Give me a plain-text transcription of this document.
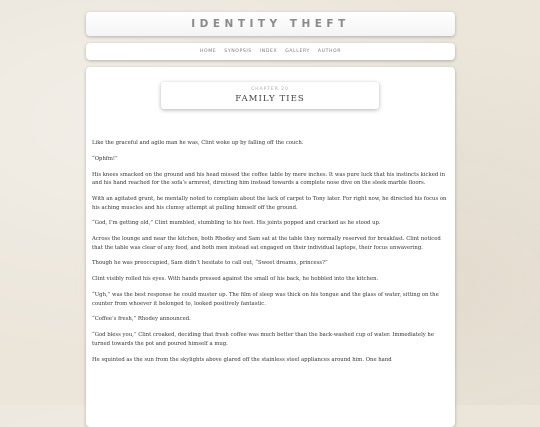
IDENTITY THEFT
HOME SYNOPSIS INDEX GALLERY AUTHOR
CHAPTER 20
FAMILY TIES

Like the graceful and agile man he was, Clint woke up by falling off the couch.

“Ophfm!”

His knees smacked on the ground and his head missed the coffee table by mere inches. It was pure luck that his instincts kicked in and his hand reached for the sofa’s armrest, directing him instead towards a complete nose dive on the sleek marble floors.

With an agitated grunt, he mentally noted to complain about the lack of carpet to Tony later. For right now, he directed his focus on his aching muscles and his clumsy attempt at pulling himself off the ground.

“God, I’m getting old,” Clint mumbled, stumbling to his feet. His joints popped and cracked as he stood up.

Across the lounge and near the kitchen, both Rhodey and Sam sat at the table they normally reserved for breakfast. Clint noticed that the table was clear of any food, and both men instead sat engaged on their individual laptops, their focus unwavering.

Though he was preoccupied, Sam didn’t hesitate to call out, “Sweet dreams, princess?”

Clint visibly rolled his eyes. With hands pressed against the small of his back, he hobbled into the kitchen.

“Ugh,” was the best response he could muster up. The film of sleep was thick on his tongue and the glass of water, sitting on the counter from whoever it belonged to, looked positively fantastic.

“Coffee’s fresh,” Rhodey announced.

“God bless you,” Clint croaked, deciding that fresh coffee was much better than the back-washed cup of water. Immediately he turned towards the pot and poured himself a mug.

He squinted as the sun from the skylights above glared off the stainless steel appliances around him. One hand
